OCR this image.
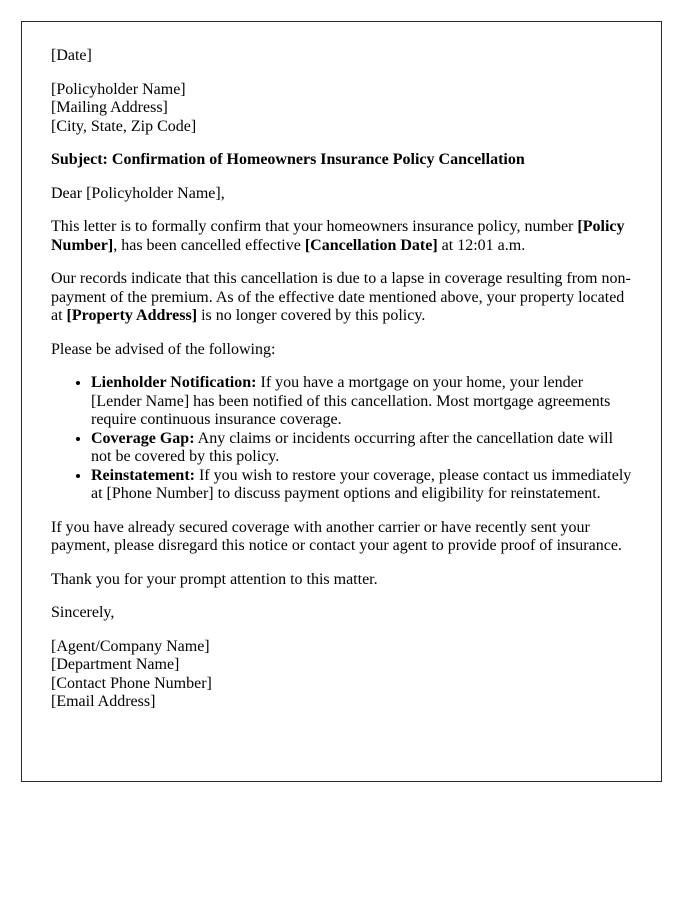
[Date]

[Policyholder Name]

[Mailing Address]

[City, State, Zip Code]

Subject: Confirmation of Homeowners Insurance Policy Cancellation

Dear [Policyholder Name],

This letter is to formally confirm that your homeowners insurance policy, number [Policy Number], has been cancelled effective [Cancellation Date] at 12:01 a.m.

Our records indicate that this cancellation is due to a lapse in coverage resulting from non-payment of the premium. As of the effective date mentioned above, your property located at [Property Address] is no longer covered by this policy.

Please be advised of the following:

• Lienholder Notification: If you have a mortgage on your home, your lender [Lender Name] has been notified of this cancellation. Most mortgage agreements require continuous insurance coverage.
• Coverage Gap: Any claims or incidents occurring after the cancellation date will not be covered by this policy.
• Reinstatement: If you wish to restore your coverage, please contact us immediately at [Phone Number] to discuss payment options and eligibility for reinstatement.

If you have already secured coverage with another carrier or have recently sent your payment, please disregard this notice or contact your agent to provide proof of insurance.

Thank you for your prompt attention to this matter.

Sincerely,

[Agent/Company Name]

[Department Name]

[Contact Phone Number]

[Email Address]
